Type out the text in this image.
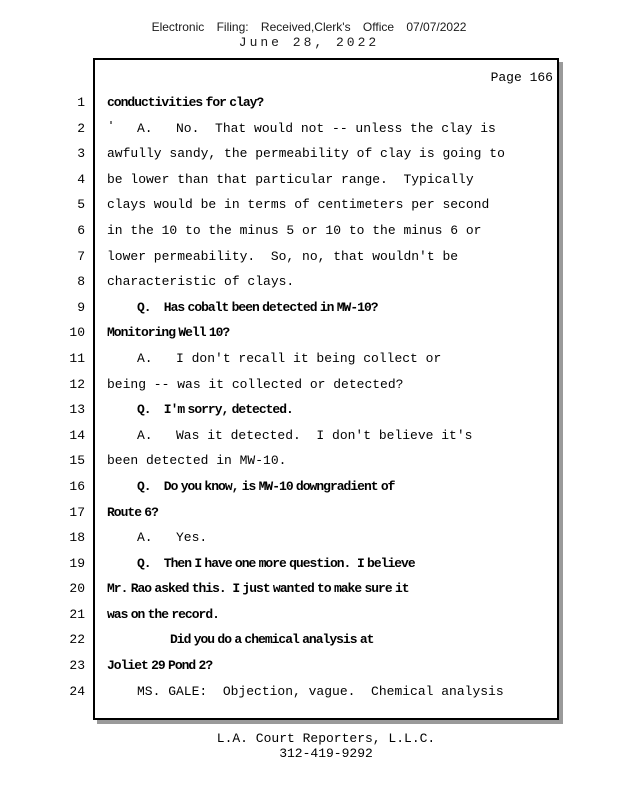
Electronic Filing: Received,Clerk's Office 07/07/2022
June 28, 2022
Page 166
1 conductivities for clay?
2	A.   No.  That would not -- unless the clay is
3 awfully sandy, the permeability of clay is going to
4 be lower than that particular range.  Typically
5 clays would be in terms of centimeters per second
6 in the 10 to the minus 5 or 10 to the minus 6 or
7 lower permeability.  So, no, that wouldn't be
8 characteristic of clays.
9	Q.    Has cobalt been detected in MW-10?
10 Monitoring Well 10?
11	A.   I don't recall it being collect or
12 being -- was it collected or detected?
13	Q.    I'm sorry, detected.
14	A.   Was it detected.  I don't believe it's
15 been detected in MW-10.
16	Q.    Do you know, is MW-10 downgradient of
17 Route 6?
18	A.   Yes.
19	Q.    Then I have one more question.  I believe
20 Mr. Rao asked this.  I just wanted to make sure it
21 was on the record.
22	Did you do a chemical analysis at
23 Joliet 29 Pond 2?
24	MS. GALE:  Objection, vague.  Chemical analysis
L.A. Court Reporters, L.L.C.
312-419-9292
